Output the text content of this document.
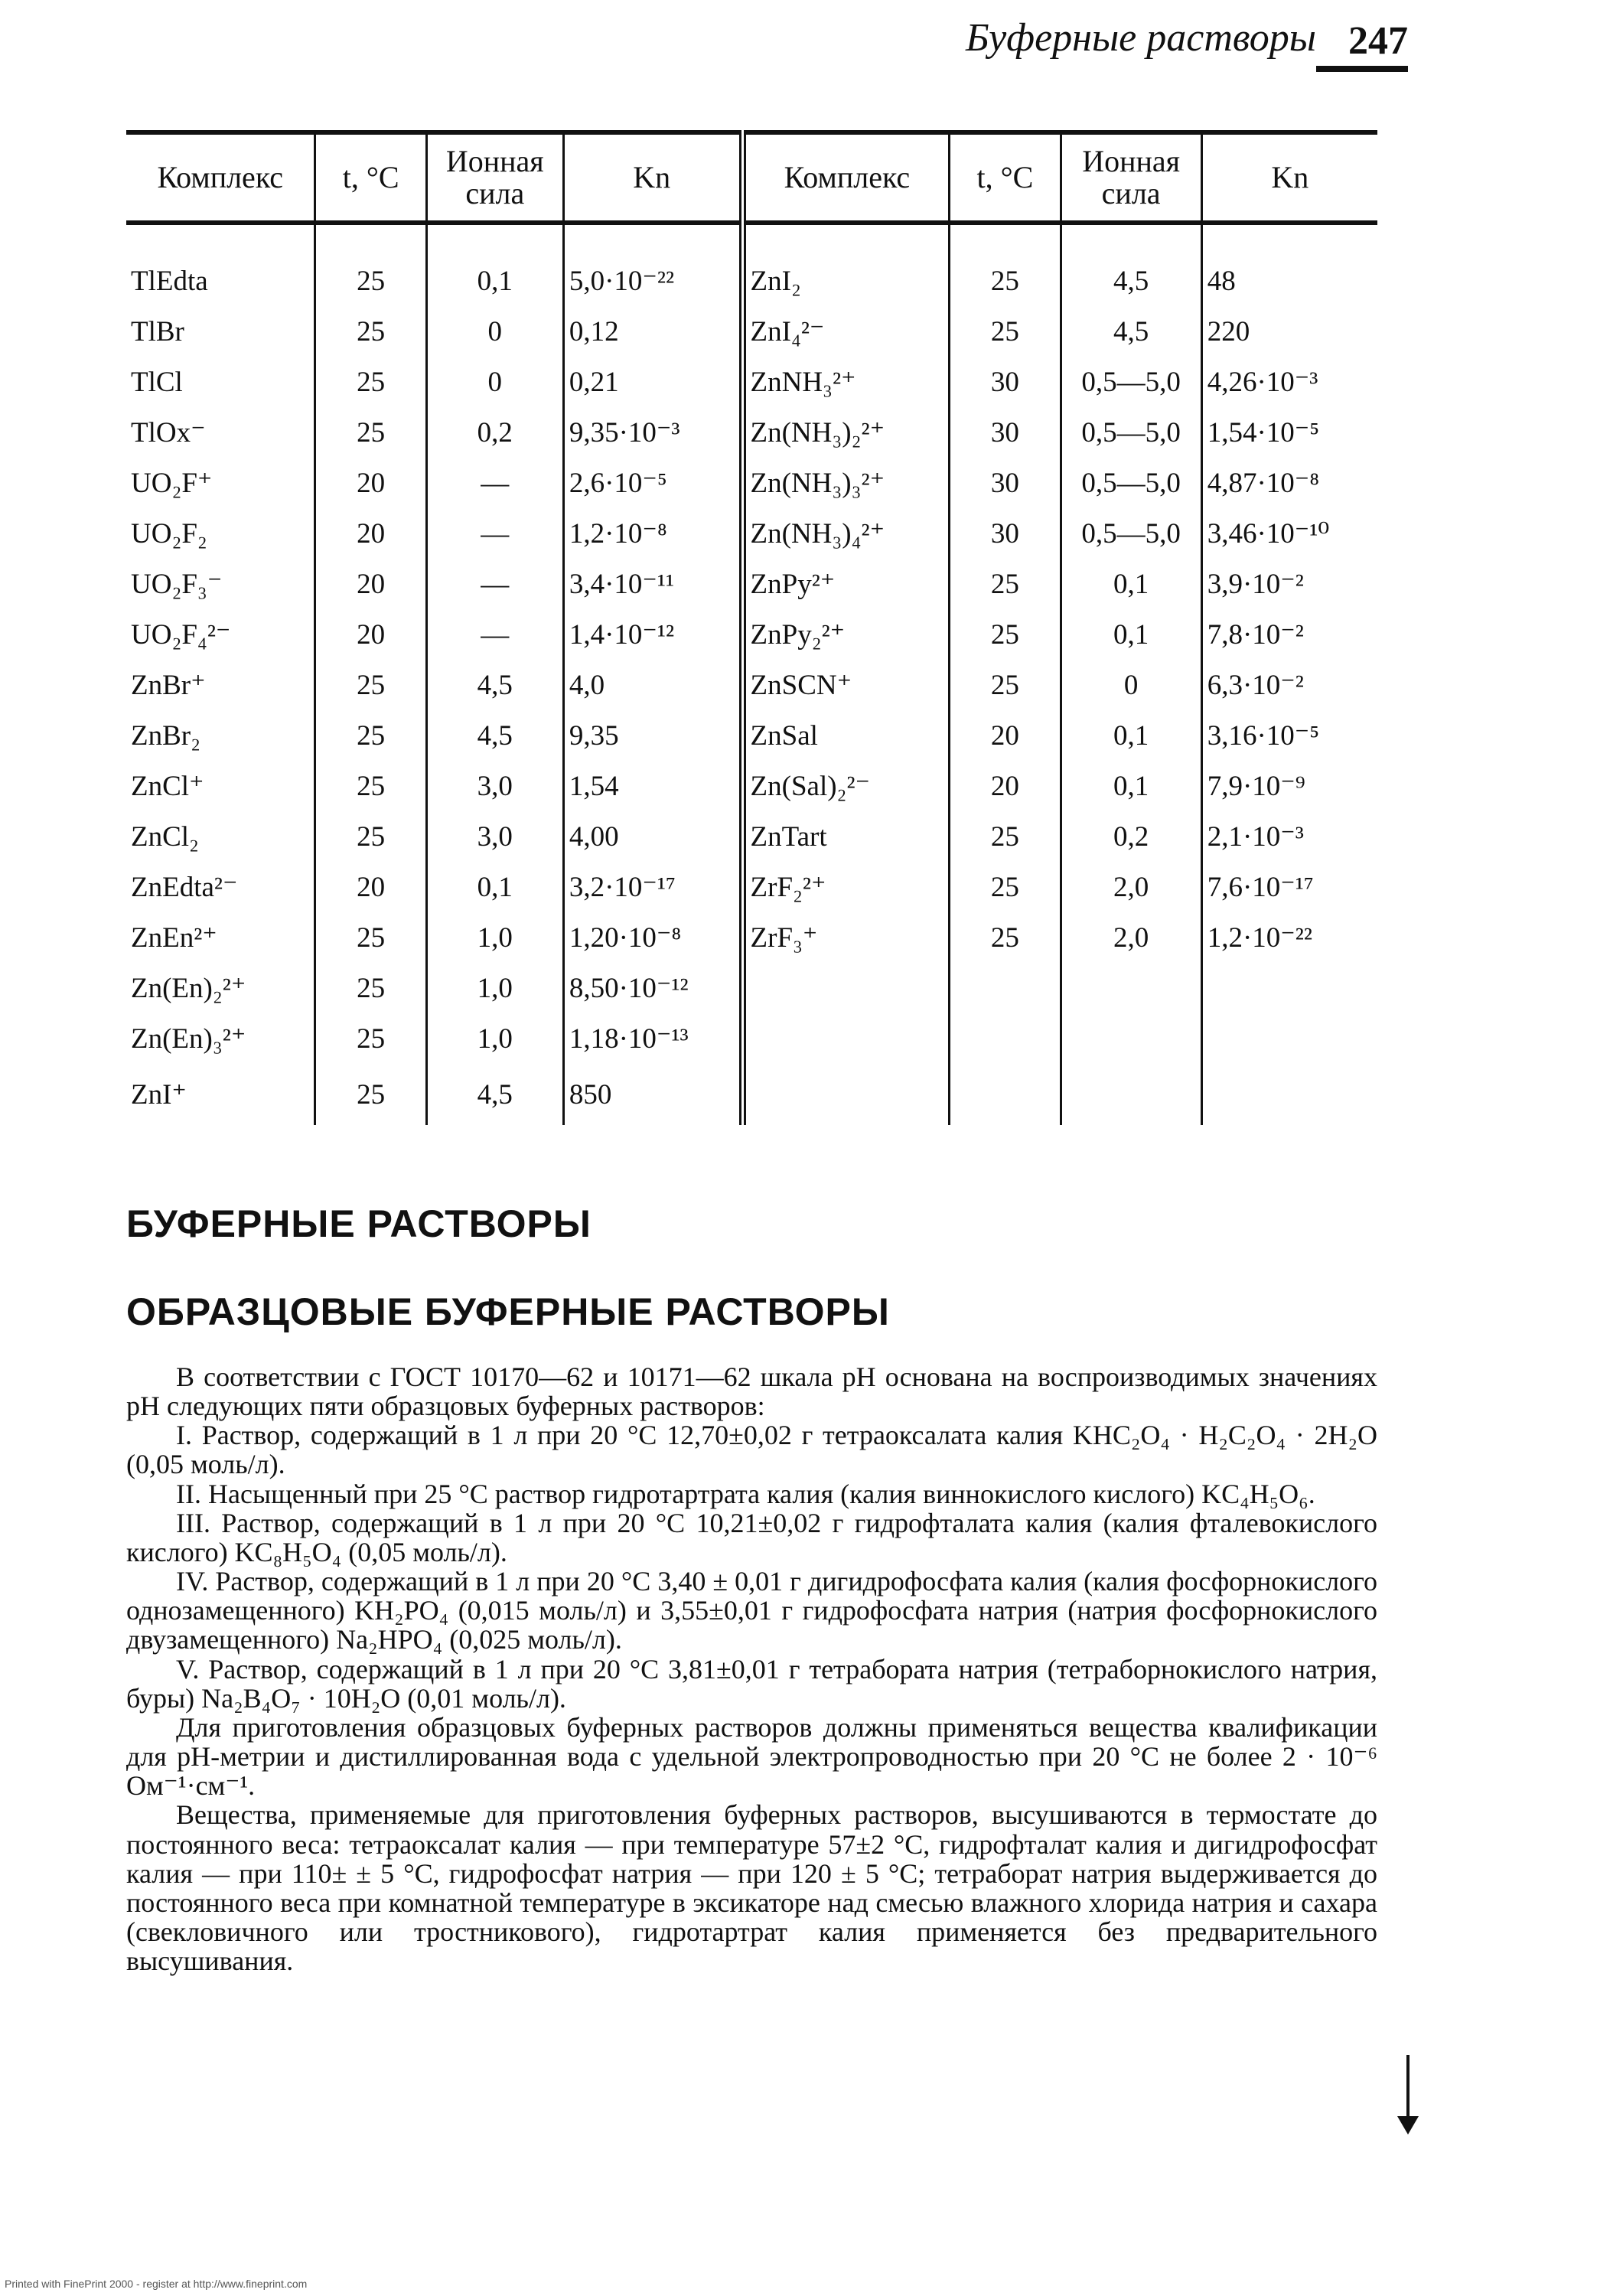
Буферные растворы 247
Комплекс	t, °C	Ионная сила	Kn	Комплекс	t, °C	Ионная сила	Kn

TlEdta	25	0,1	5,0·10⁻²²	ZnI₂	25	4,5	48
TlBr	25	0	0,12	ZnI₄²⁻	25	4,5	220
TlCl	25	0	0,21	ZnNH₃²⁺	30	0,5—5,0	4,26·10⁻³
TlOx⁻	25	0,2	9,35·10⁻³	Zn(NH₃)₂²⁺	30	0,5—5,0	1,54·10⁻⁵
UO₂F⁺	20	—	2,6·10⁻⁵	Zn(NH₃)₃²⁺	30	0,5—5,0	4,87·10⁻⁸
UO₂F₂	20	—	1,2·10⁻⁸	Zn(NH₃)₄²⁺	30	0,5—5,0	3,46·10⁻¹⁰
UO₂F₃⁻	20	—	3,4·10⁻¹¹	ZnPy²⁺	25	0,1	3,9·10⁻²
UO₂F₄²⁻	20	—	1,4·10⁻¹²	ZnPy₂²⁺	25	0,1	7,8·10⁻²
ZnBr⁺	25	4,5	4,0	ZnSCN⁺	25	0	6,3·10⁻²
ZnBr₂	25	4,5	9,35	ZnSal	20	0,1	3,16·10⁻⁵
ZnCl⁺	25	3,0	1,54	Zn(Sal)₂²⁻	20	0,1	7,9·10⁻⁹
ZnCl₂	25	3,0	4,00	ZnTart	25	0,2	2,1·10⁻³
ZnEdta²⁻	20	0,1	3,2·10⁻¹⁷	ZrF₂²⁺	25	2,0	7,6·10⁻¹⁷
ZnEn²⁺	25	1,0	1,20·10⁻⁸	ZrF₃⁺	25	2,0	1,2·10⁻²²
Zn(En)₂²⁺	25	1,0	8,50·10⁻¹²				
Zn(En)₃²⁺	25	1,0	1,18·10⁻¹³				
ZnI⁺	25	4,5	850				
БУФЕРНЫЕ РАСТВОРЫ
ОБРАЗЦОВЫЕ БУФЕРНЫЕ РАСТВОРЫ

В соответствии с ГОСТ 10170—62 и 10171—62 шкала pH основана на воспроизводимых значениях pH следующих пяти образцовых буферных растворов:

I. Раствор, содержащий в 1 л при 20 °С 12,70±0,02 г тетраоксалата калия KHC₂O₄ · H₂C₂O₄ · 2H₂O (0,05 моль/л).

II. Насыщенный при 25 °С раствор гидротартрата калия (калия виннокислого кислого) KC₄H₅O₆.

III. Раствор, содержащий в 1 л при 20 °С 10,21±0,02 г гидрофталата калия (калия фталевокислого кислого) KC₈H₅O₄ (0,05 моль/л).

IV. Раствор, содержащий в 1 л при 20 °С 3,40 ± 0,01 г дигидрофосфата калия (калия фосфорнокислого однозамещенного) KH₂PO₄ (0,015 моль/л) и 3,55±0,01 г гидрофосфата натрия (натрия фосфорнокислого двузамещенного) Na₂HPO₄ (0,025 моль/л).

V. Раствор, содержащий в 1 л при 20 °С 3,81±0,01 г тетрабората натрия (тетраборнокислого натрия, буры) Na₂B₄O₇ · 10H₂O (0,01 моль/л).

Для приготовления образцовых буферных растворов должны применяться вещества квалификации для pH-метрии и дистиллированная вода с удельной электропроводностью при 20 °С не более 2 · 10⁻⁶ Ом⁻¹·см⁻¹.

Вещества, применяемые для приготовления буферных растворов, высушиваются в термостате до постоянного веса: тетраоксалат калия — при температуре 57±2 °С, гидрофталат калия и дигидрофосфат калия — при 110± ± 5 °С, гидрофосфат натрия — при 120 ± 5 °С; тетраборат натрия выдерживается до постоянного веса при комнатной температуре в эксикаторе над смесью влажного хлорида натрия и сахара (свекловичного или тростникового), гидротартрат калия применяется без предварительного высушивания.

Printed with FinePrint 2000 - register at http://www.fineprint.com
